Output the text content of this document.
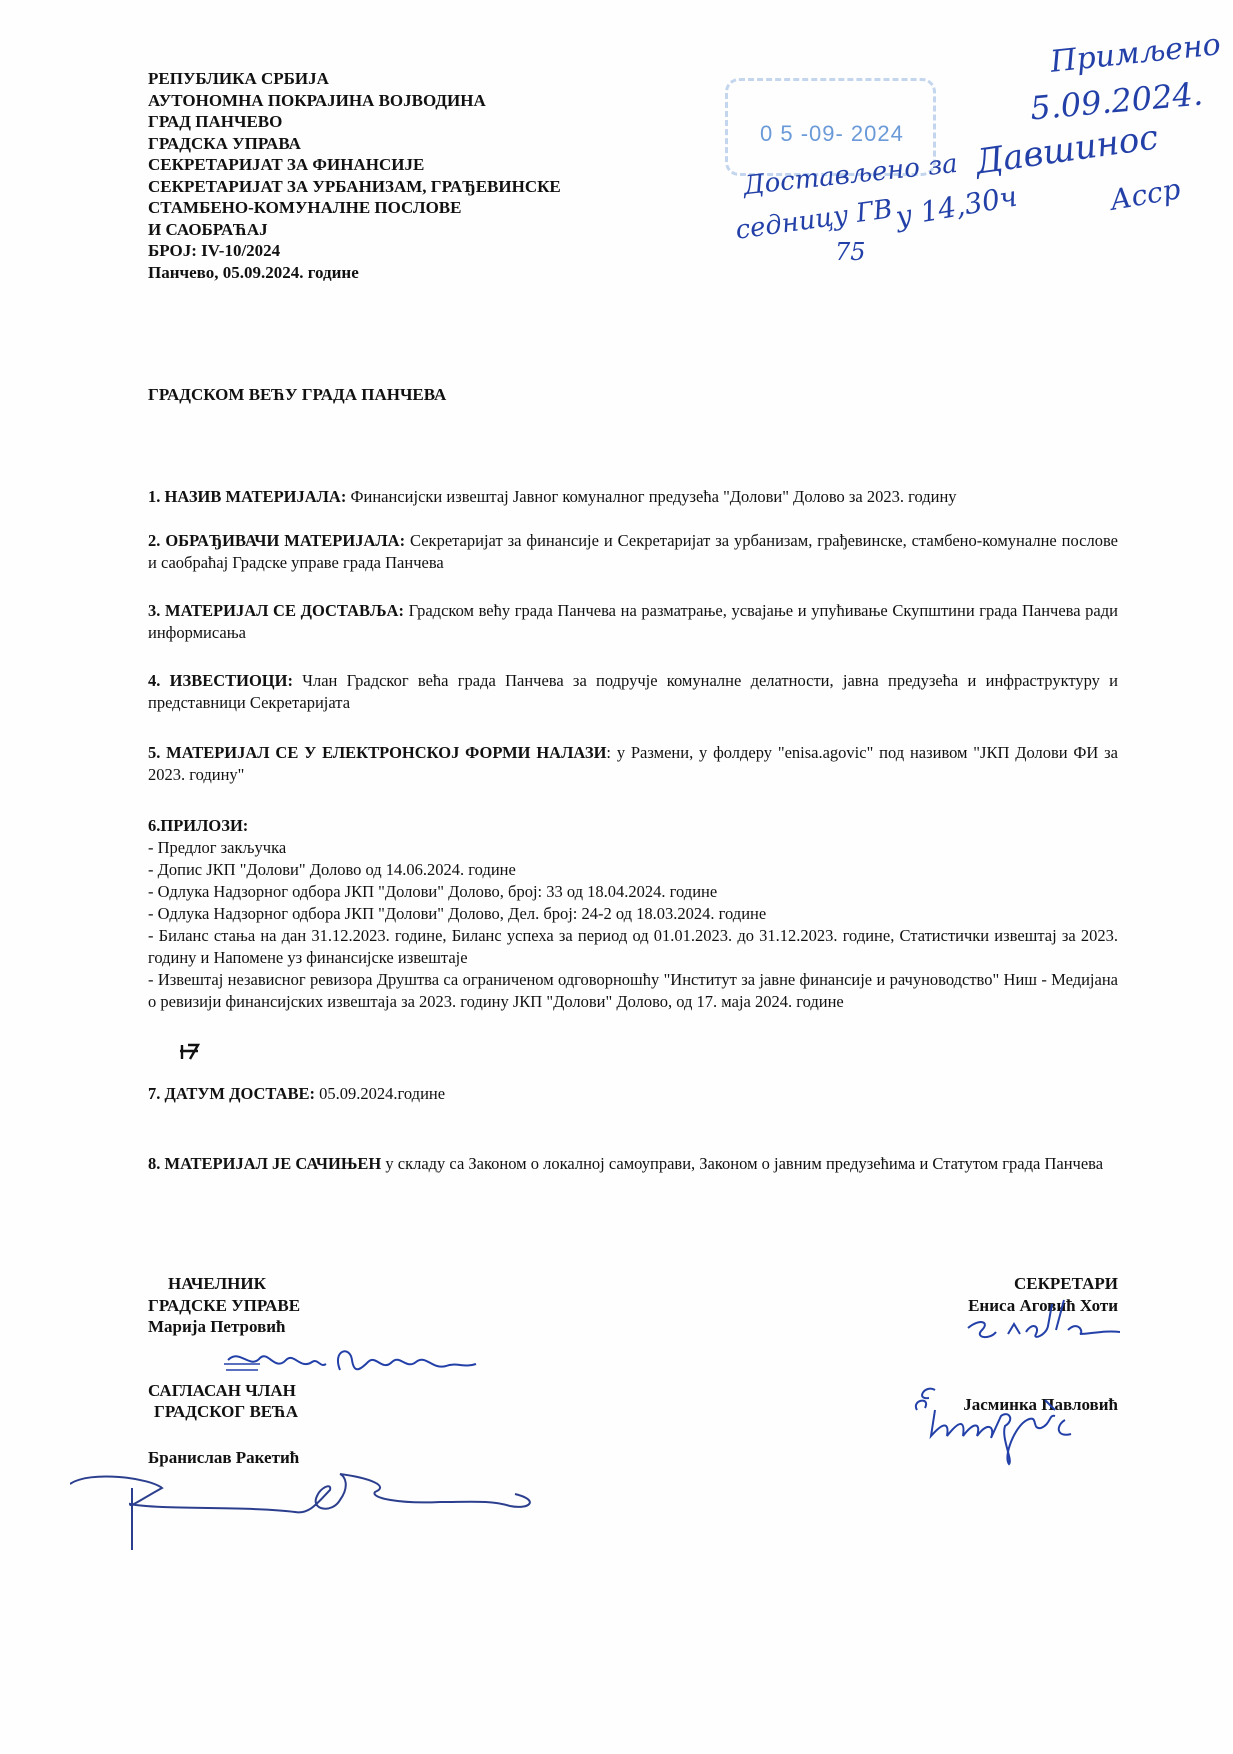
РЕПУБЛИКА СРБИЈА
АУТОНОМНА ПОКРАЈИНА ВОЈВОДИНА
ГРАД ПАНЧЕВО
ГРАДСКА УПРАВА
СЕКРЕТАРИЈАТ ЗА ФИНАНСИЈЕ
СЕКРЕТАРИЈАТ ЗА УРБАНИЗАМ, ГРАЂЕВИНСКЕ
СТАМБЕНО-КОМУНАЛНЕ ПОСЛОВЕ
И САОБРАЋАЈ
БРОЈ: IV-10/2024
Панчево, 05.09.2024. године
0 5 -09- 2024
Достављено за
седницу ГВ
у 14,30ч
75
Примљено
5.09.2024.
Давшинос
Асср
ГРАДСКОМ ВЕЋУ ГРАДА ПАНЧЕВА
1. НАЗИВ МАТЕРИЈАЛА: Финансијски извештај Јавног комуналног предузећа "Долови" Долово за 2023. годину
2. ОБРАЂИВАЧИ МАТЕРИЈАЛА: Секретаријат за финансије и Секретаријат за урбанизам, грађевинске, стамбено-комуналне послове и саобраћај Градске управе града Панчева
3. МАТЕРИЈАЛ СЕ ДОСТАВЉА: Градском већу града Панчева на разматрање, усвајање и упућивање Скупштини града Панчева ради информисања
4. ИЗВЕСТИОЦИ: Члан Градског већа града Панчева за подручје комуналне делатности, јавна предузећа и инфраструктуру и представници Секретаријата
5. МАТЕРИЈАЛ СЕ У ЕЛЕКТРОНСКОЈ ФОРМИ НАЛАЗИ: у Размени, у фолдеру "enisa.agovic" под називом "ЈКП Долови ФИ за 2023. годину"
6.ПРИЛОЗИ:
- Предлог закључка
- Допис ЈКП "Долови" Долово од 14.06.2024. године
- Одлука Надзорног одбора ЈКП "Долови" Долово, број: 33 од 18.04.2024. године
- Одлука Надзорног одбора ЈКП "Долови" Долово, Дел. број: 24-2 од 18.03.2024. године
- Биланс стања на дан 31.12.2023. године, Биланс успеха за период од 01.01.2023. до 31.12.2023. године, Статистички извештај за 2023. годину и Напомене уз финансијске извештаје
- Извештај независног ревизора Друштва са ограниченом одговорношћу "Институт за јавне финансије и рачуноводство" Ниш - Медијана о ревизији финансијских извештаја за 2023. годину ЈКП "Долови" Долово, од 17. маја 2024. године
7. ДАТУМ ДОСТАВЕ: 05.09.2024.године
8. МАТЕРИЈАЛ ЈЕ САЧИЊЕН у складу са Законом о локалној самоуправи, Законом о јавним предузећима и Статутом града Панчева
НАЧЕЛНИК
ГРАДСКЕ УПРАВЕ
Марија Петровић
САГЛАСАН ЧЛАН
ГРАДСКОГ ВЕЋА
Бранислав Ракетић
СЕКРЕТАРИ
Ениса Аговић Хоти
Јасминка Павловић
